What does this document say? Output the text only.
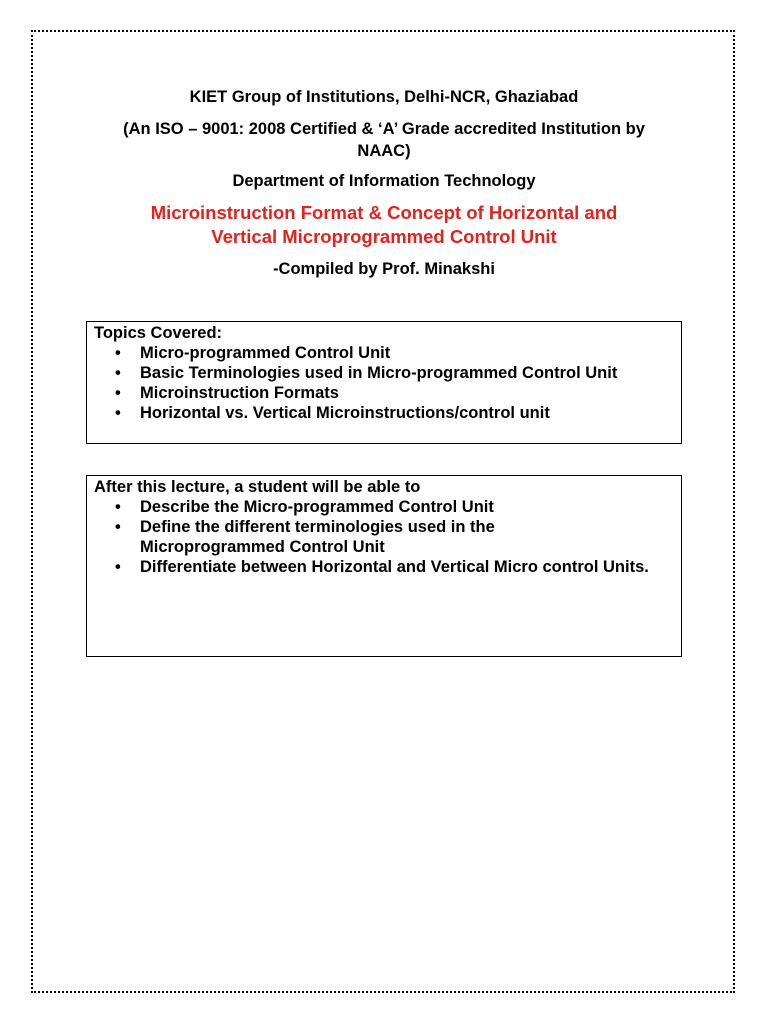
KIET Group of Institutions, Delhi-NCR, Ghaziabad
(An ISO – 9001: 2008 Certified & ‘A’ Grade accredited Institution by
NAAC)
Department of Information Technology
Microinstruction Format & Concept of Horizontal and
Vertical Microprogrammed Control Unit
-Compiled by Prof. Minakshi
Topics Covered:
• Micro-programmed Control Unit
• Basic Terminologies used in Micro-programmed Control Unit
• Microinstruction Formats
• Horizontal vs. Vertical Microinstructions/control unit
After this lecture, a student will be able to
• Describe the Micro-programmed Control Unit
• Define the different terminologies used in the Microprogrammed Control Unit
• Differentiate between Horizontal and Vertical Micro control Units.
